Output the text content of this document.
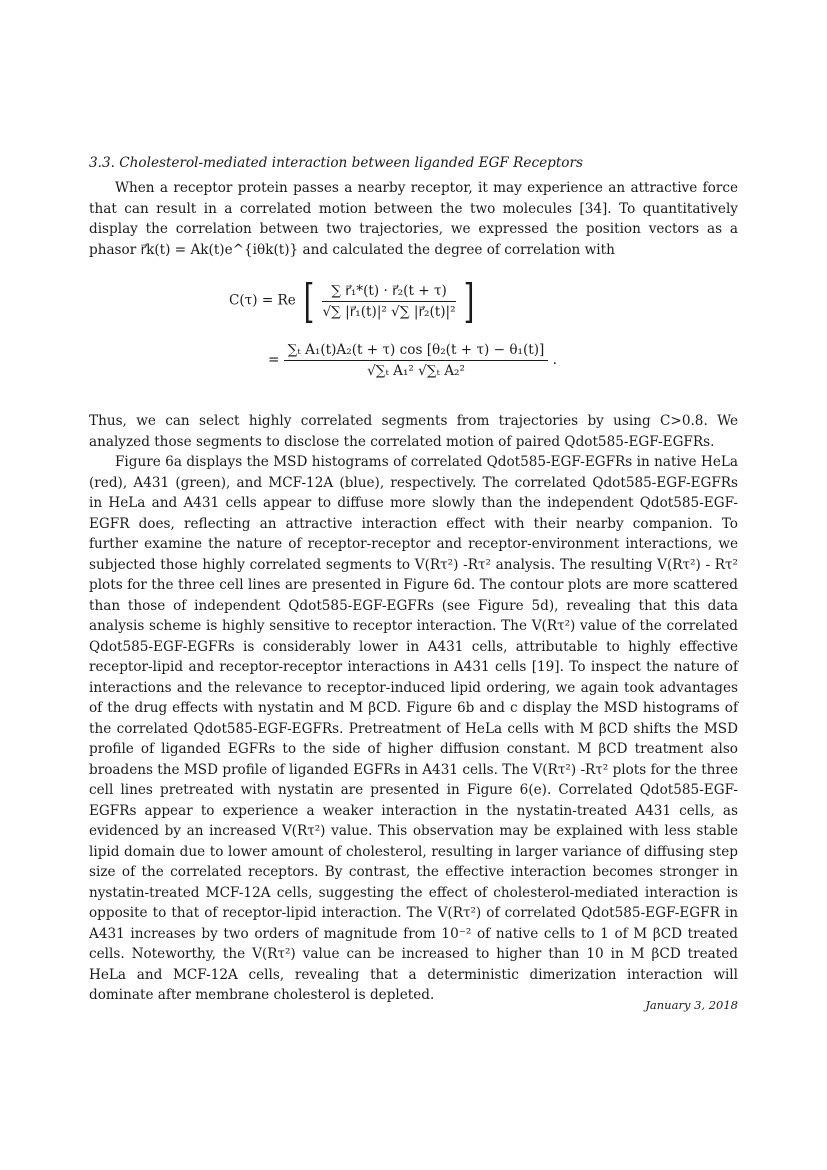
3.3. Cholesterol-mediated interaction between liganded EGF Receptors

When a receptor protein passes a nearby receptor, it may experience an attractive force that can result in a correlated motion between the two molecules [34]. To quantitatively display the correlation between two trajectories, we expressed the position vectors as a phasor r⃗k(t) = Ak(t)e^{iθk(t)} and calculated the degree of correlation with

C(τ) = Re [ $\frac{\text{∑ r⃗₁*(t) · r⃗₂(t + τ)}}{\text{√∑ |r⃗₁(t)|² √∑ |r⃗₂(t)|²}}$ ]
= $\frac{\text{∑ₜ A₁(t)A₂(t + τ) cos [θ₂(t + τ) − θ₁(t)]}}{\text{√∑ₜ A₁² √∑ₜ A₂²}}$ .

Thus, we can select highly correlated segments from trajectories by using C>0.8. We analyzed those segments to disclose the correlated motion of paired Qdot585-EGF-EGFRs.

Figure 6a displays the MSD histograms of correlated Qdot585-EGF-EGFRs in native HeLa (red), A431 (green), and MCF-12A (blue), respectively. The correlated Qdot585-EGF-EGFRs in HeLa and A431 cells appear to diffuse more slowly than the independent Qdot585-EGF-EGFR does, reflecting an attractive interaction effect with their nearby companion. To further examine the nature of receptor-receptor and receptor-environment interactions, we subjected those highly correlated segments to V(Rτ²) -Rτ² analysis. The resulting V(Rτ²) - Rτ² plots for the three cell lines are presented in Figure 6d. The contour plots are more scattered than those of independent Qdot585-EGF-EGFRs (see Figure 5d), revealing that this data analysis scheme is highly sensitive to receptor interaction. The V(Rτ²) value of the correlated Qdot585-EGF-EGFRs is considerably lower in A431 cells, attributable to highly effective receptor-lipid and receptor-receptor interactions in A431 cells [19]. To inspect the nature of interactions and the relevance to receptor-induced lipid ordering, we again took advantages of the drug effects with nystatin and M βCD. Figure 6b and c display the MSD histograms of the correlated Qdot585-EGF-EGFRs. Pretreatment of HeLa cells with M βCD shifts the MSD profile of liganded EGFRs to the side of higher diffusion constant. M βCD treatment also broadens the MSD profile of liganded EGFRs in A431 cells. The V(Rτ²) -Rτ² plots for the three cell lines pretreated with nystatin are presented in Figure 6(e). Correlated Qdot585-EGF-EGFRs appear to experience a weaker interaction in the nystatin-treated A431 cells, as evidenced by an increased V(Rτ²) value. This observation may be explained with less stable lipid domain due to lower amount of cholesterol, resulting in larger variance of diffusing step size of the correlated receptors. By contrast, the effective interaction becomes stronger in nystatin-treated MCF-12A cells, suggesting the effect of cholesterol-mediated interaction is opposite to that of receptor-lipid interaction. The V(Rτ²) of correlated Qdot585-EGF-EGFR in A431 increases by two orders of magnitude from 10⁻² of native cells to 1 of M βCD treated cells. Noteworthy, the V(Rτ²) value can be increased to higher than 10 in M βCD treated HeLa and MCF-12A cells, revealing that a deterministic dimerization interaction will dominate after membrane cholesterol is depleted.

January 3, 2018
